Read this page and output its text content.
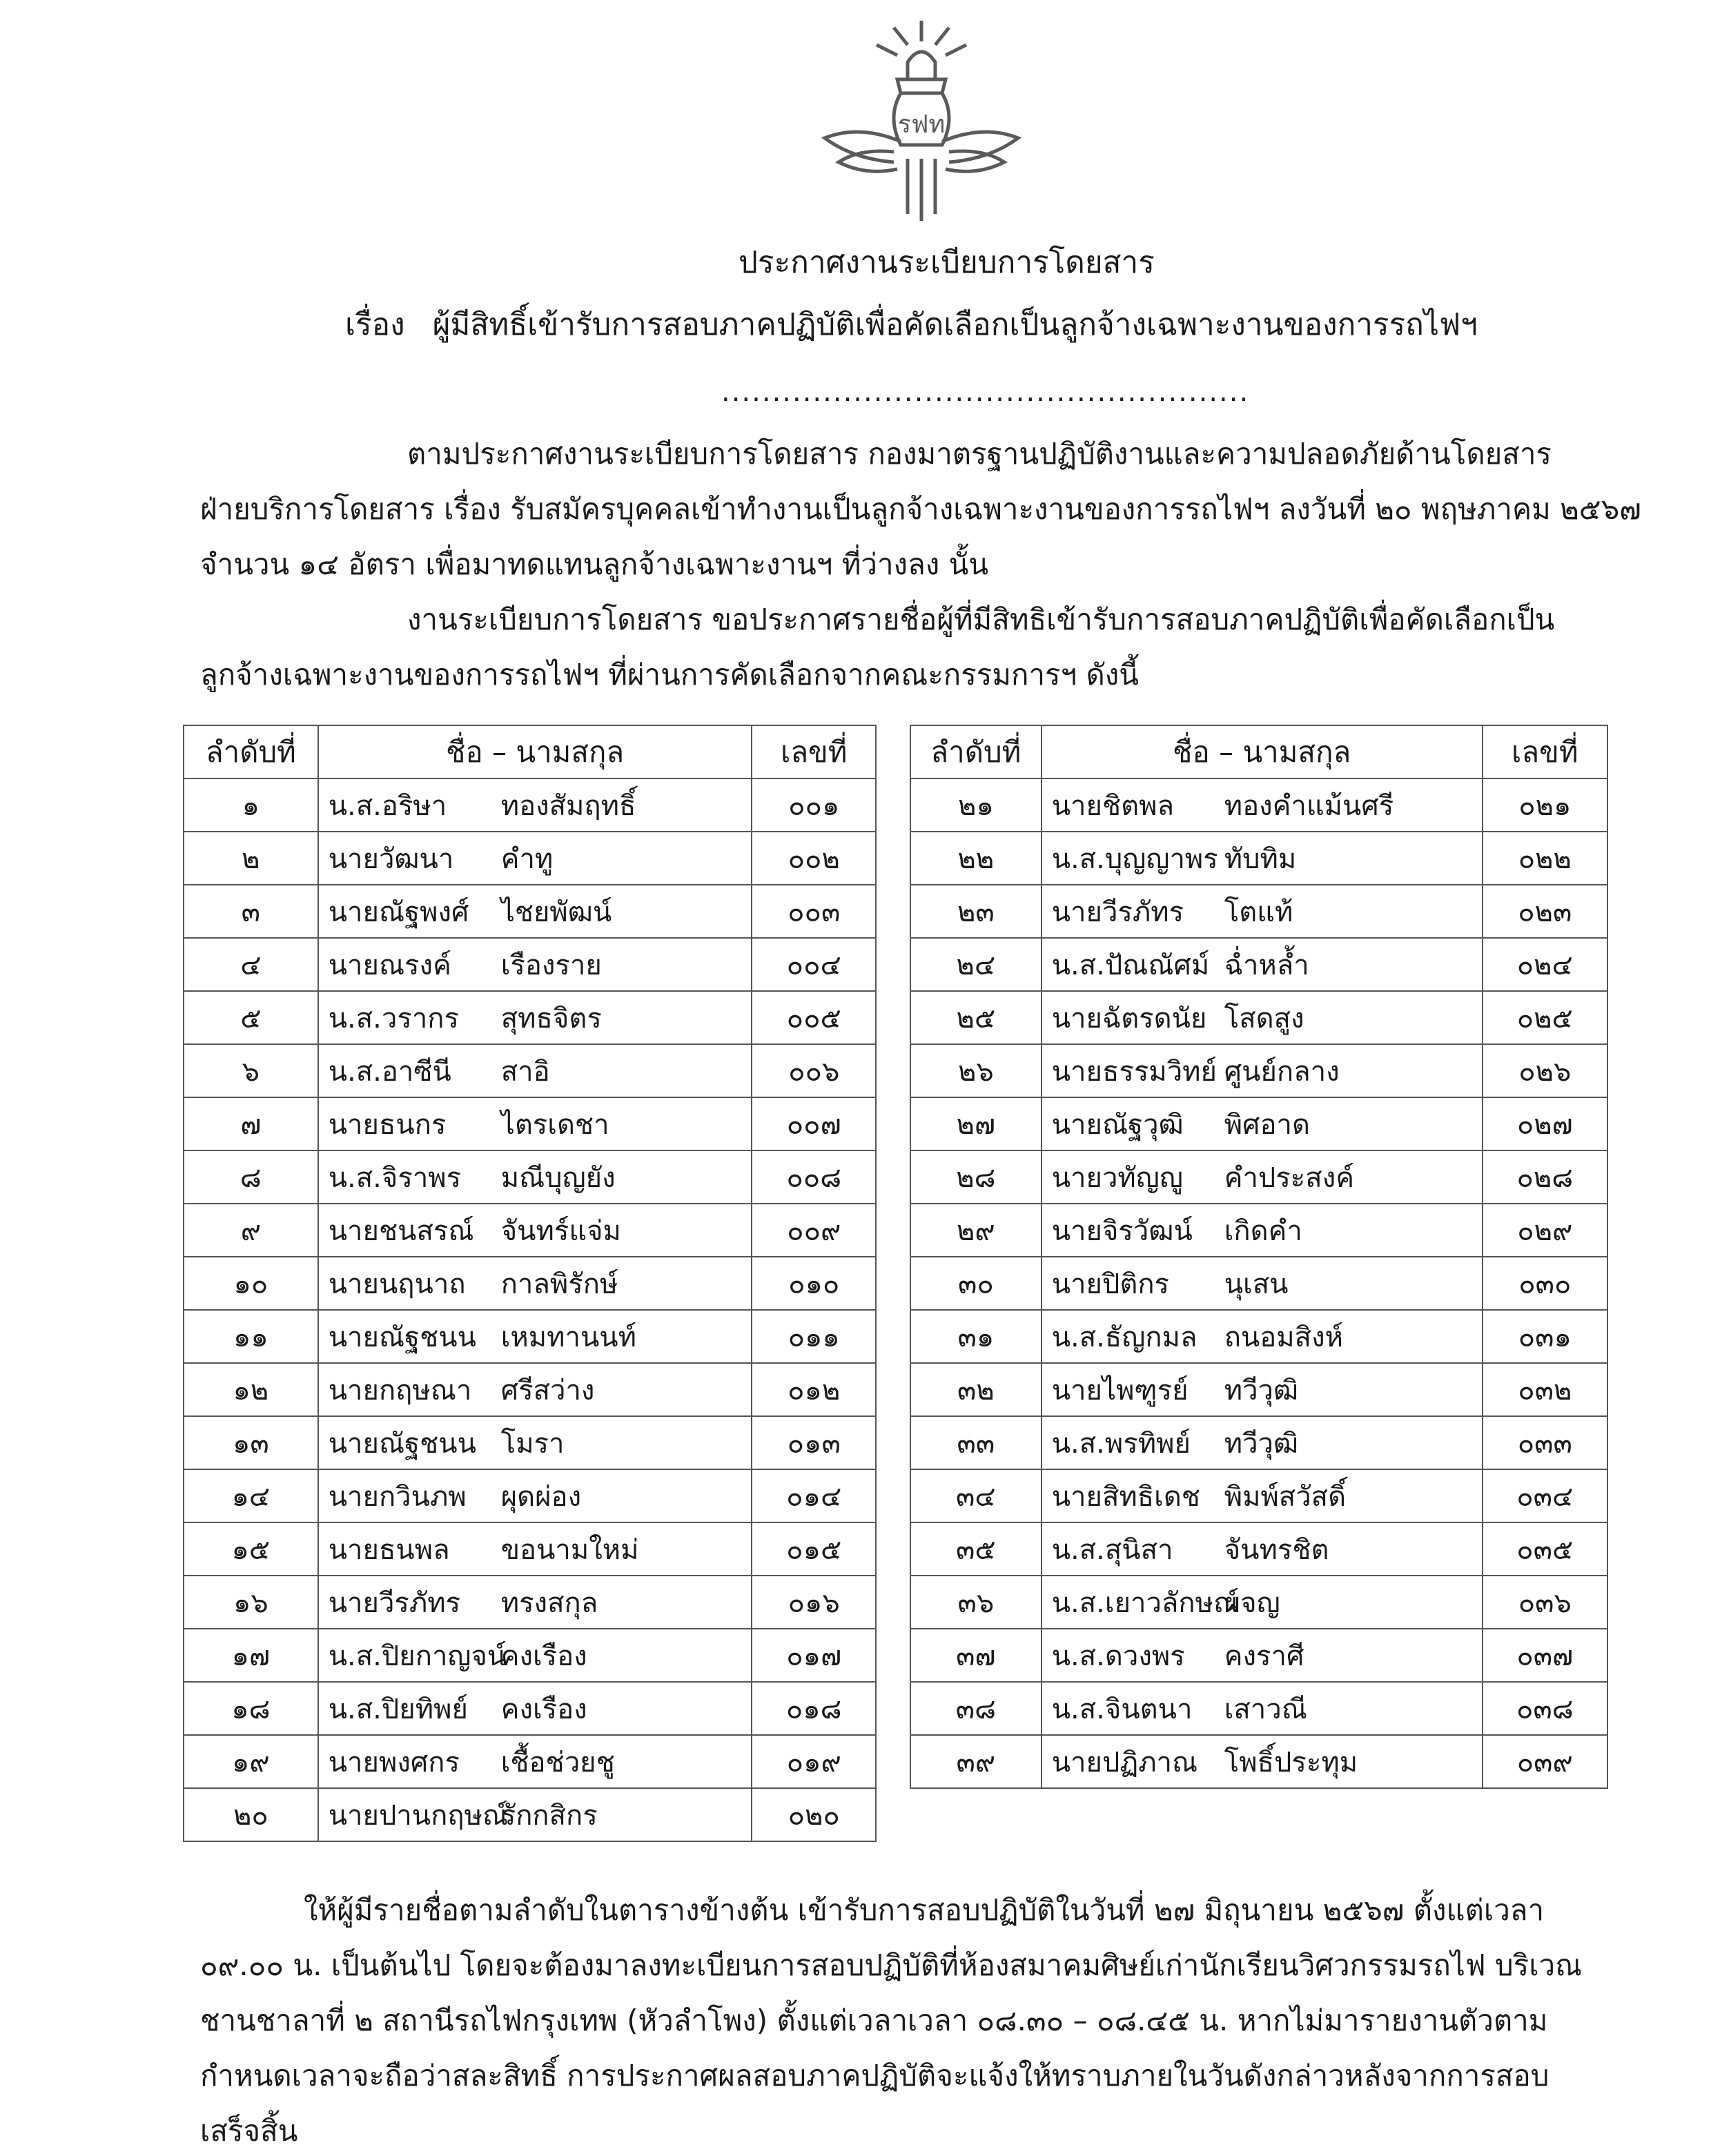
รฟท
ประกาศงานระเบียบการโดยสาร
เรื่อง ผู้มีสิทธิ์เข้ารับการสอบภาคปฏิบัติเพื่อคัดเลือกเป็นลูกจ้างเฉพาะงานของการรถไฟฯ
....................................................
ตามประกาศงานระเบียบการโดยสาร กองมาตรฐานปฏิบัติงานและความปลอดภัยด้านโดยสาร
ฝ่ายบริการโดยสาร เรื่อง รับสมัครบุคคลเข้าทำงานเป็นลูกจ้างเฉพาะงานของการรถไฟฯ ลงวันที่ ๒๐ พฤษภาคม ๒๕๖๗
จำนวน ๑๔ อัตรา เพื่อมาทดแทนลูกจ้างเฉพาะงานฯ ที่ว่างลง นั้น
งานระเบียบการโดยสาร ขอประกาศรายชื่อผู้ที่มีสิทธิเข้ารับการสอบภาคปฏิบัติเพื่อคัดเลือกเป็น
ลูกจ้างเฉพาะงานของการรถไฟฯ ที่ผ่านการคัดเลือกจากคณะกรรมการฯ ดังนี้
ลำดับที่	ชื่อ – นามสกุล	เลขที่
๑	น.ส.อริษา ทองสัมฤทธิ์	๐๐๑
๒	นายวัฒนา คำทู	๐๐๒
๓	นายณัฐพงศ์ ไชยพัฒน์	๐๐๓
๔	นายณรงค์ เรืองราย	๐๐๔
๕	น.ส.วรากร สุทธจิตร	๐๐๕
๖	น.ส.อาซีนี สาอิ	๐๐๖
๗	นายธนกร ไตรเดชา	๐๐๗
๘	น.ส.จิราพร มณีบุญยัง	๐๐๘
๙	นายชนสรณ์ จันทร์แจ่ม	๐๐๙
๑๐	นายนฤนาถ กาลพิรักษ์	๐๑๐
๑๑	นายณัฐชนน เหมทานนท์	๐๑๑
๑๒	นายกฤษณา ศรีสว่าง	๐๑๒
๑๓	นายณัฐชนน โมรา	๐๑๓
๑๔	นายกวินภพ ผุดผ่อง	๐๑๔
๑๕	นายธนพล ขอนามใหม่	๐๑๕
๑๖	นายวีรภัทร ทรงสกุล	๐๑๖
๑๗	น.ส.ปิยกาญจน์คงเรือง	๐๑๗
๑๘	น.ส.ปิยทิพย์ คงเรือง	๐๑๘
๑๙	นายพงศกร เชื้อช่วยชู	๐๑๙
๒๐	นายปานกฤษณ์รักกสิกร	๐๒๐
ลำดับที่	ชื่อ – นามสกุล	เลขที่
๒๑	นายชิตพล ทองคำแม้นศรี	๐๒๑
๒๒	น.ส.บุญญาพร ทับทิม	๐๒๒
๒๓	นายวีรภัทร โตแท้	๐๒๓
๒๔	น.ส.ปัณณัศม์ ฉ่ำหล้ำ	๐๒๔
๒๕	นายฉัตรดนัย โสดสูง	๐๒๕
๒๖	นายธรรมวิทย์ ศูนย์กลาง	๐๒๖
๒๗	นายณัฐวุฒิ พิศอาด	๐๒๗
๒๘	นายวทัญญู คำประสงค์	๐๒๘
๒๙	นายจิรวัฒน์ เกิดคำ	๐๒๙
๓๐	นายปิติกร นุเสน	๐๓๐
๓๑	น.ส.ธัญกมล ถนอมสิงห์	๐๓๑
๓๒	นายไพฑูรย์ ทวีวุฒิ	๐๓๒
๓๓	น.ส.พรทิพย์ ทวีวุฒิ	๐๓๓
๓๔	นายสิทธิเดช พิมพ์สวัสดิ์	๐๓๔
๓๕	น.ส.สุนิสา จันทรชิต	๐๓๕
๓๖	น.ส.เยาวลักษณ์ผจญ	๐๓๖
๓๗	น.ส.ดวงพร คงราศี	๐๓๗
๓๘	น.ส.จินตนา เสาวณี	๐๓๘
๓๙	นายปฏิภาณ โพธิ์ประทุม	๐๓๙
ให้ผู้มีรายชื่อตามลำดับในตารางข้างต้น เข้ารับการสอบปฏิบัติในวันที่ ๒๗ มิถุนายน ๒๕๖๗ ตั้งแต่เวลา
๐๙.๐๐ น. เป็นต้นไป โดยจะต้องมาลงทะเบียนการสอบปฏิบัติที่ห้องสมาคมศิษย์เก่านักเรียนวิศวกรรมรถไฟ บริเวณ
ชานชาลาที่ ๒ สถานีรถไฟกรุงเทพ (หัวลำโพง) ตั้งแต่เวลาเวลา ๐๘.๓๐ – ๐๘.๔๕ น. หากไม่มารายงานตัวตาม
กำหนดเวลาจะถือว่าสละสิทธิ์ การประกาศผลสอบภาคปฏิบัติจะแจ้งให้ทราบภายในวันดังกล่าวหลังจากการสอบ
เสร็จสิ้น
